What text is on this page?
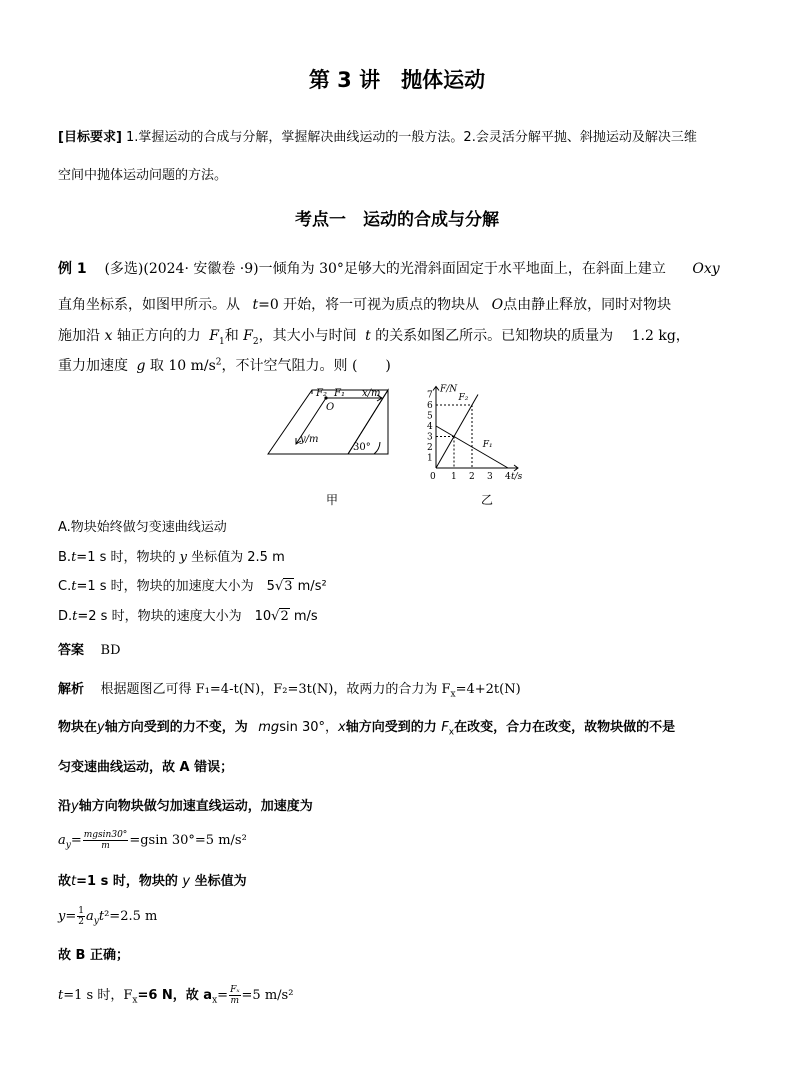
第 3 讲　抛体运动
[目标要求] 1.掌握运动的合成与分解，掌握解决曲线运动的一般方法。2.会灵活分解平抛、斜抛运动及解决三维
空间中抛体运动问题的方法。
考点一　运动的合成与分解
例 1 (多选)(2024· 安徽卷 ·9)一倾角为 30°足够大的光滑斜面固定于水平地面上，在斜面上建立 Oxy
直角坐标系，如图甲所示。从 t=0 开始，将一可视为质点的物块从 O点由静止释放，同时对物块
施加沿 x 轴正方向的力 $F_1$和 $F_2$，其大小与时间 t 的关系如图乙所示。已知物块的质量为 1.2 kg，
重力加速度 g 取 10 $m/s^2$，不计空气阻力。则 (　　)
F₂ F₁ x/m
O
y/m
30°
甲
F/N
t/s
0
1
2
3
4
5
6
7
1 2 3 4
F₁
F₂
乙
A.物块始终做匀变速曲线运动
B.t=1 s 时，物块的 y 坐标值为 2.5 m
C.t=1 s 时，物块的加速度大小为　5√3 m/s²
D.t=2 s 时，物块的速度大小为　10√2 m/s
答案 BD
解析 根据题图乙可得 F₁=4-t(N)，F₂=3t(N)，故两力的合力为 $F_x=4+2t(N)$
物块在y轴方向受到的力不变，为 mgsin 30°，x轴方向受到的力 $F_x$在改变，合力在改变，故物块做的不是
匀变速曲线运动，故 A 错误；
沿y轴方向物块做匀加速直线运动，加速度为
$a_y= \frac{mgsin30^\circ}{m} =gsin$ 30°=5 m/s²
故t=1 s 时，物块的 y 坐标值为
$y= \frac{1}{2} a_yt^2=2.5$ m
故 B 正确；
t=1 s 时，$F_x=6$ N，故 $a_x= \frac{\text{Fₓ}}{m} =5$ m/s²
